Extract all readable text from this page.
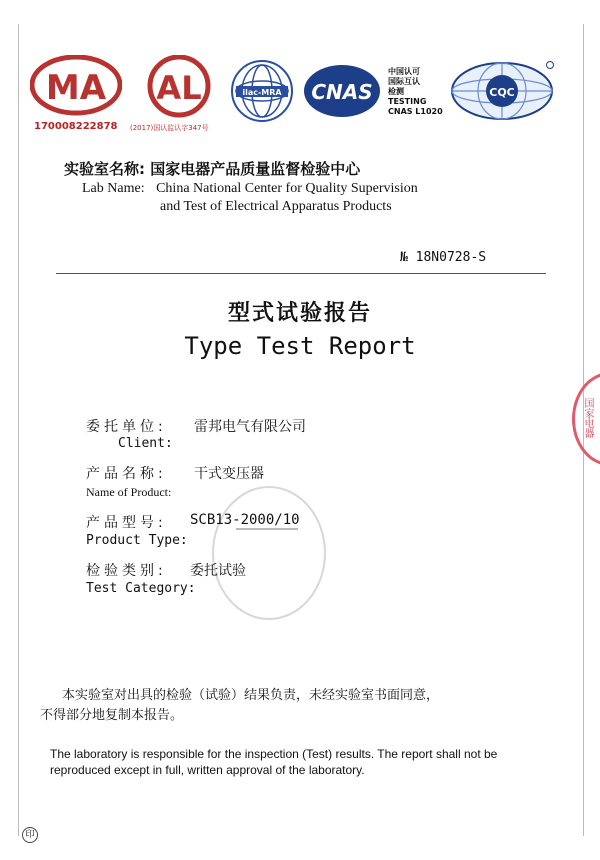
MA
170008222878
AL
(2017)国认监认字347号
ilac-MRA CNAS
中国认可
国际互认
检测
TESTING
CNAS L1020
CQC
实验室名称: 国家电器产品质量监督检验中心
Lab Name: China National Center for Quality Supervision
and Test of Electrical Apparatus Products
№ 18N0728-S
型式试验报告
Type Test Report
委托单位: 雷邦电气有限公司
Client:
产品名称: 干式变压器
Name of Product:
产品型号: SCB13-2000/10
Product Type:
检验类别: 委托试验
Test Category:
本实验室对出具的检验（试验）结果负责，未经实验室书面同意，
不得部分地复制本报告。
The laboratory is responsible for the inspection (Test) results. The report shall not be reproduced except in full, written approval of the laboratory.
国家电器
印
